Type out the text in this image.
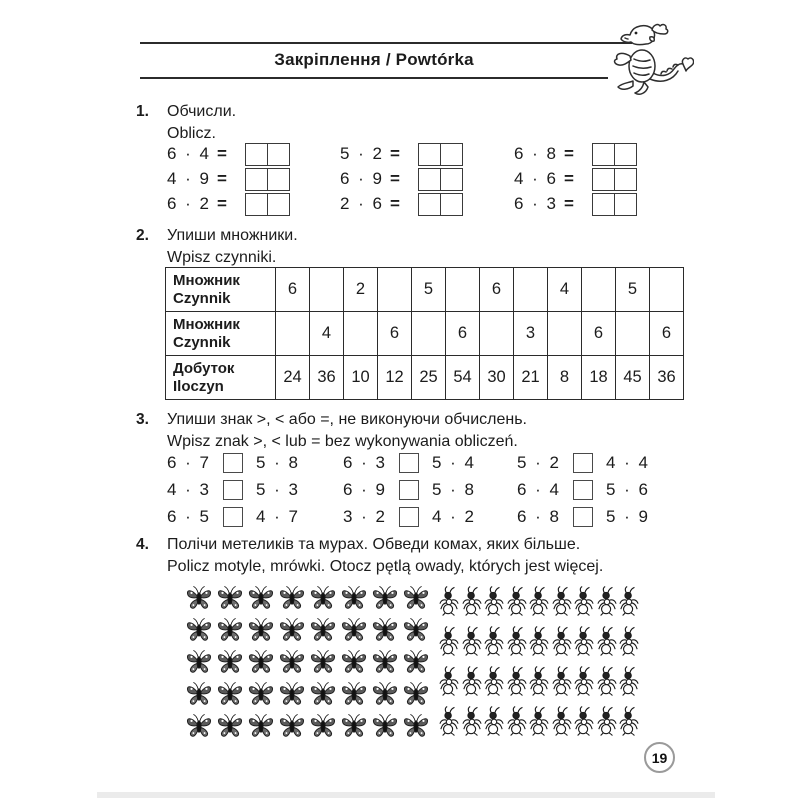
Закріплення / Powtórka
1. Обчисли.
Oblicz.
6 · 4 =
4 · 9 =
6 · 2 =
5 · 2 =
6 · 9 =
2 · 6 =
6 · 8 =
4 · 6 =
6 · 3 =
2. Упиши множники.
Wpisz czynniki.
Множник
Czynnik	6		2		5		6		4		5	

Множник
Czynnik		4		6		6		3		6		6

Добуток
Iloczyn	24	36	10	12	25	54	30	21	8	18	45	36
3. Упиши знак >, < або =, не виконуючи обчислень.
Wpisz znak >, < lub = bez wykonywania obliczeń.
6 · 7	5 · 8
4 · 3	5 · 3
6 · 5	4 · 7
6 · 3	5 · 4
6 · 9	5 · 8
3 · 2	4 · 2
5 · 2	4 · 4
6 · 4	5 · 6
6 · 8	5 · 9
4. Полічи метеликів та мурах. Обведи комах, яких більше.
Policz motyle, mrówki. Otocz pętlą owady, których jest więcej.
19
